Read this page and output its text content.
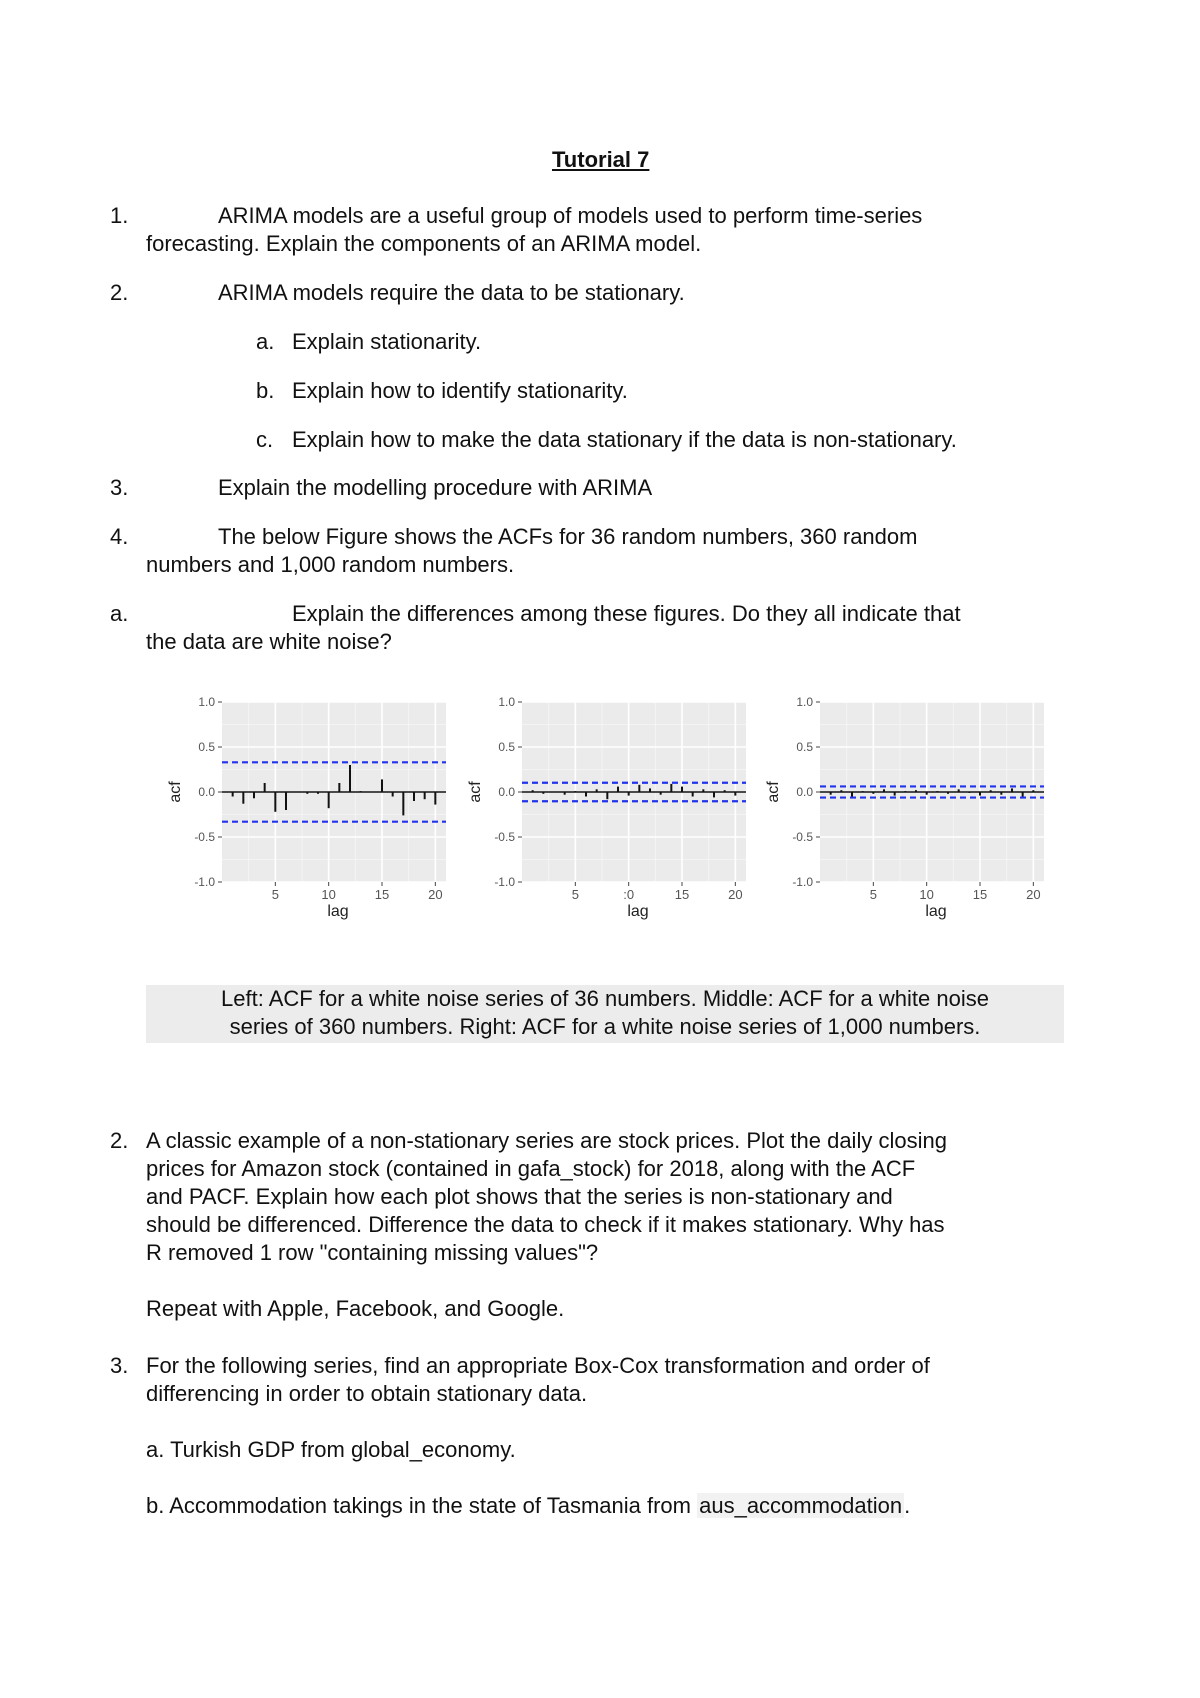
Tutorial 7
1.	ARIMA models are a useful group of models used to perform time-series
forecasting. Explain the components of an ARIMA model.
2.	ARIMA models require the data to be stationary.
a. Explain stationarity.
b. Explain how to identify stationarity.
c. Explain how to make the data stationary if the data is non-stationary.
3.	Explain the modelling procedure with ARIMA
4.	The below Figure shows the ACFs for 36 random numbers, 360 random
numbers and 1,000 random numbers.
a.	Explain the differences among these figures. Do they all indicate that
the data are white noise?
1.0
0.5
0.0
-0.5
-1.0
5	10	15	20
lag
acf
1.0
0.5
0.0
-0.5
-1.0
5	:0	15	20
lag
acf
1.0
0.5
0.0
-0.5
-1.0
5	10	15	20
lag
acf
Left: ACF for a white noise series of 36 numbers. Middle: ACF for a white noise
series of 360 numbers. Right: ACF for a white noise series of 1,000 numbers.
2. A classic example of a non-stationary series are stock prices. Plot the daily closing
prices for Amazon stock (contained in gafa_stock) for 2018, along with the ACF
and PACF. Explain how each plot shows that the series is non-stationary and
should be differenced. Difference the data to check if it makes stationary. Why has
R removed 1 row "containing missing values"?
Repeat with Apple, Facebook, and Google.
3. For the following series, find an appropriate Box-Cox transformation and order of
differencing in order to obtain stationary data.
a. Turkish GDP from global_economy.
b. Accommodation takings in the state of Tasmania from aus_accommodation.
